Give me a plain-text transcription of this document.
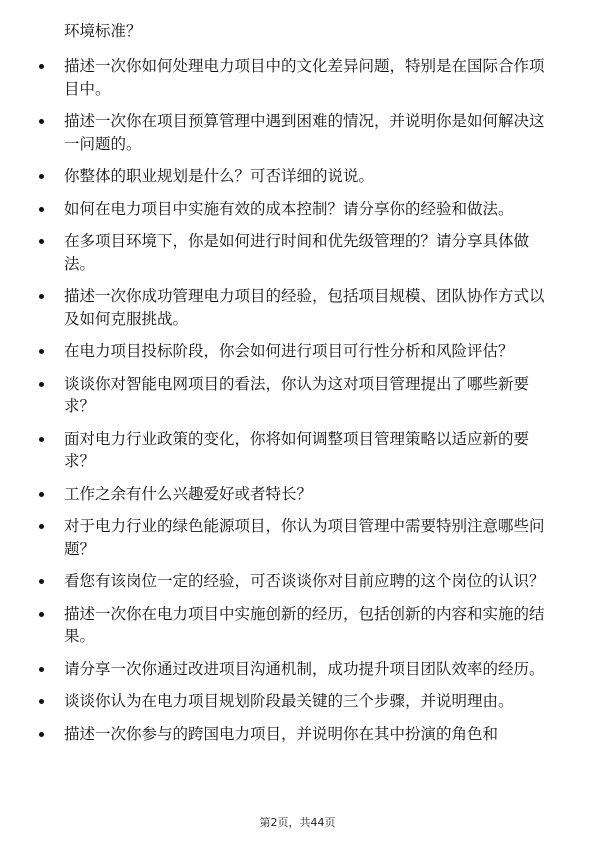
环境标准？

描述一次你如何处理电力项目中的文化差异问题，特别是在国际合作项目中。
描述一次你在项目预算管理中遇到困难的情况，并说明你是如何解决这一问题的。
你整体的职业规划是什么？可否详细的说说。
如何在电力项目中实施有效的成本控制？请分享你的经验和做法。
在多项目环境下，你是如何进行时间和优先级管理的？请分享具体做法。
描述一次你成功管理电力项目的经验，包括项目规模、团队协作方式以及如何克服挑战。
在电力项目投标阶段，你会如何进行项目可行性分析和风险评估？
谈谈你对智能电网项目的看法，你认为这对项目管理提出了哪些新要求？
面对电力行业政策的变化，你将如何调整项目管理策略以适应新的要求？
工作之余有什么兴趣爱好或者特长？
对于电力行业的绿色能源项目，你认为项目管理中需要特别注意哪些问题？
看您有该岗位一定的经验，可否谈谈你对目前应聘的这个岗位的认识？
描述一次你在电力项目中实施创新的经历，包括创新的内容和实施的结果。
请分享一次你通过改进项目沟通机制，成功提升项目团队效率的经历。
谈谈你认为在电力项目规划阶段最关键的三个步骤，并说明理由。
描述一次你参与的跨国电力项目，并说明你在其中扮演的角色和
第2页，共44页
